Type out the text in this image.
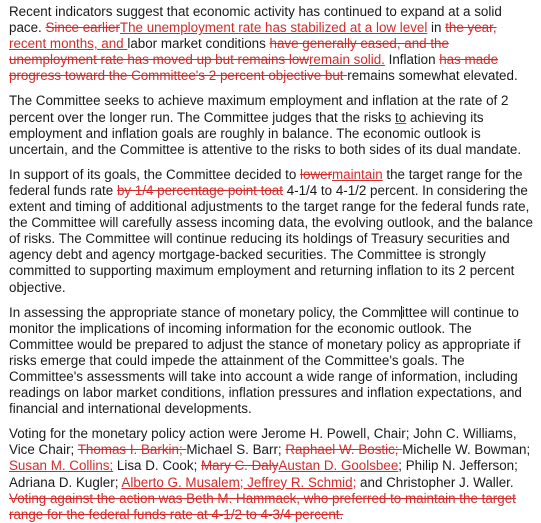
Recent indicators suggest that economic activity has continued to expand at a solid pace. Since earlierThe unemployment rate has stabilized at a low level in the year, recent months, and labor market conditions have generally eased, and the unemployment rate has moved up but remains lowremain solid. Inflation has made progress toward the Committee's 2 percent objective but remains somewhat elevated.

The Committee seeks to achieve maximum employment and inflation at the rate of 2 percent over the longer run. The Committee judges that the risks to achieving its employment and inflation goals are roughly in balance. The economic outlook is uncertain, and the Committee is attentive to the risks to both sides of its dual mandate.

In support of its goals, the Committee decided to lowermaintain the target range for the federal funds rate by 1/4 percentage point toat 4-1/4 to 4-1/2 percent. In considering the extent and timing of additional adjustments to the target range for the federal funds rate, the Committee will carefully assess incoming data, the evolving outlook, and the balance of risks. The Committee will continue reducing its holdings of Treasury securities and agency debt and agency mortgage-backed securities. The Committee is strongly committed to supporting maximum employment and returning inflation to its 2 percent objective.

In assessing the appropriate stance of monetary policy, the Committee will continue to monitor the implications of incoming information for the economic outlook. The Committee would be prepared to adjust the stance of monetary policy as appropriate if risks emerge that could impede the attainment of the Committee's goals. The Committee's assessments will take into account a wide range of information, including readings on labor market conditions, inflation pressures and inflation expectations, and financial and international developments.

Voting for the monetary policy action were Jerome H. Powell, Chair; John C. Williams, Vice Chair; Thomas I. Barkin; Michael S. Barr; Raphael W. Bostic; Michelle W. Bowman; Susan M. Collins; Lisa D. Cook; Mary C. DalyAustan D. Goolsbee; Philip N. Jefferson; Adriana D. Kugler; Alberto G. Musalem; Jeffrey R. Schmid; and Christopher J. Waller. Voting against the action was Beth M. Hammack, who preferred to maintain the target range for the federal funds rate at 4-1/2 to 4-3/4 percent.
